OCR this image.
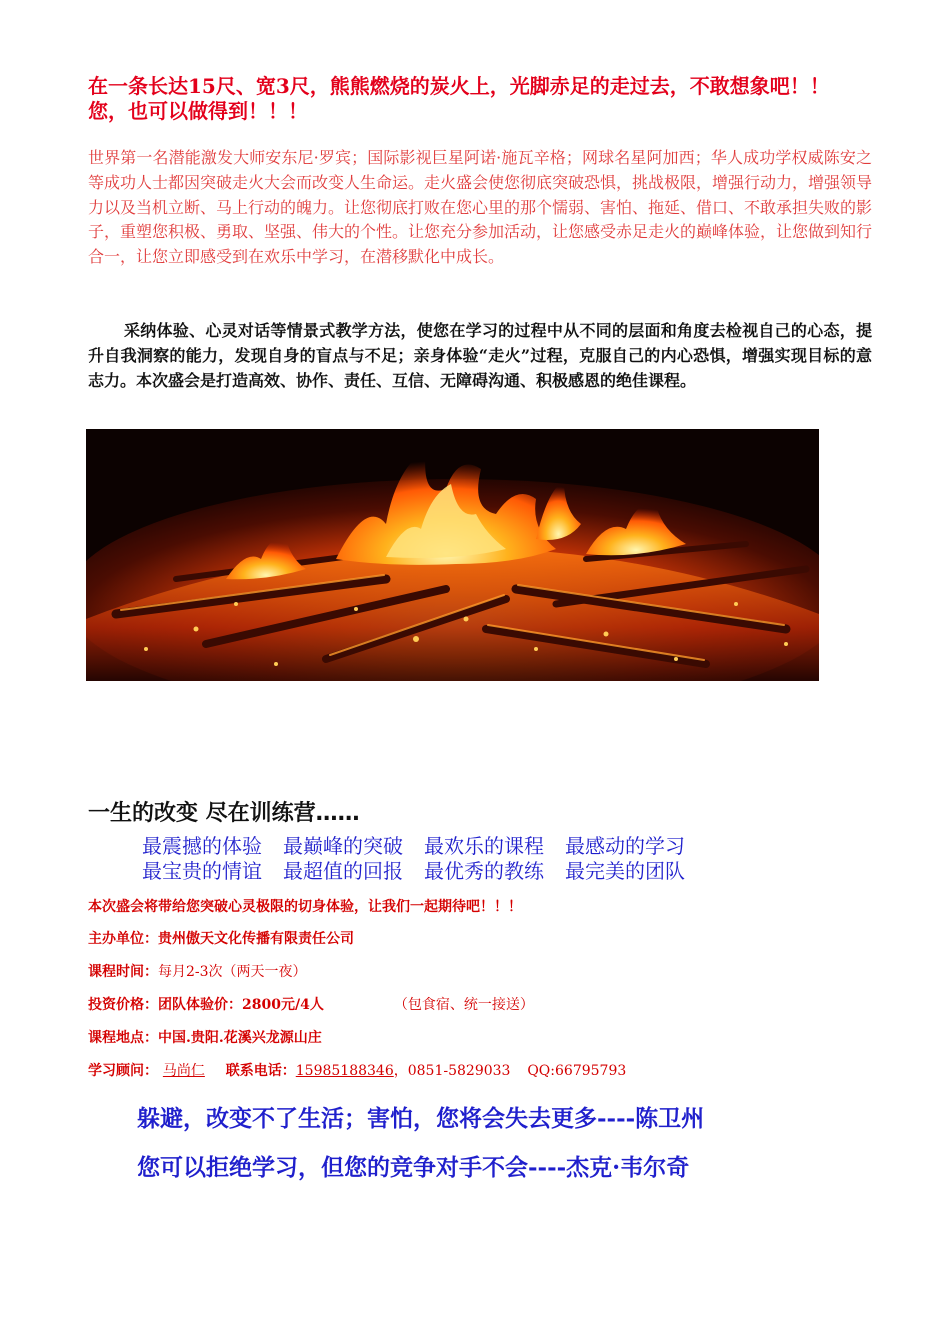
在一条长达15尺、宽3尺，熊熊燃烧的炭火上，光脚赤足的走过去，不敢想象吧！！您，也可以做得到！！！
世界第一名潜能激发大师安东尼·罗宾；国际影视巨星阿诺·施瓦辛格；网球名星阿加西；华人成功学权威陈安之等成功人士都因突破走火大会而改变人生命运。走火盛会使您彻底突破恐惧，挑战极限，增强行动力，增强领导力以及当机立断、马上行动的魄力。让您彻底打败在您心里的那个懦弱、害怕、拖延、借口、不敢承担失败的影子，重塑您积极、勇取、坚强、伟大的个性。让您充分参加活动，让您感受赤足走火的巅峰体验，让您做到知行合一，让您立即感受到在欢乐中学习，在潜移默化中成长。
采纳体验、心灵对话等情景式教学方法，使您在学习的过程中从不同的层面和角度去检视自己的心态，提升自我洞察的能力，发现自身的盲点与不足；亲身体验“走火”过程，克服自己的内心恐惧，增强实现目标的意志力。本次盛会是打造高效、协作、责任、互信、无障碍沟通、积极感恩的绝佳课程。
一生的改变 尽在训练营……
最震撼的体验 最巅峰的突破 最欢乐的课程 最感动的学习
最宝贵的情谊 最超值的回报 最优秀的教练 最完美的团队
本次盛会将带给您突破心灵极限的切身体验，让我们一起期待吧！！！
主办单位：贵州傲天文化传播有限责任公司
课程时间：每月2-3次（两天一夜）
投资价格：团队体验价：2800元/4人	（包食宿、统一接送）
课程地点：中国.贵阳.花溪兴龙源山庄
学习顾问： 马尚仁 联系电话：15985188346，0851-5829033 QQ:66795793
躲避，改变不了生活；害怕，您将会失去更多----陈卫州
您可以拒绝学习，但您的竞争对手不会----杰克·韦尔奇
